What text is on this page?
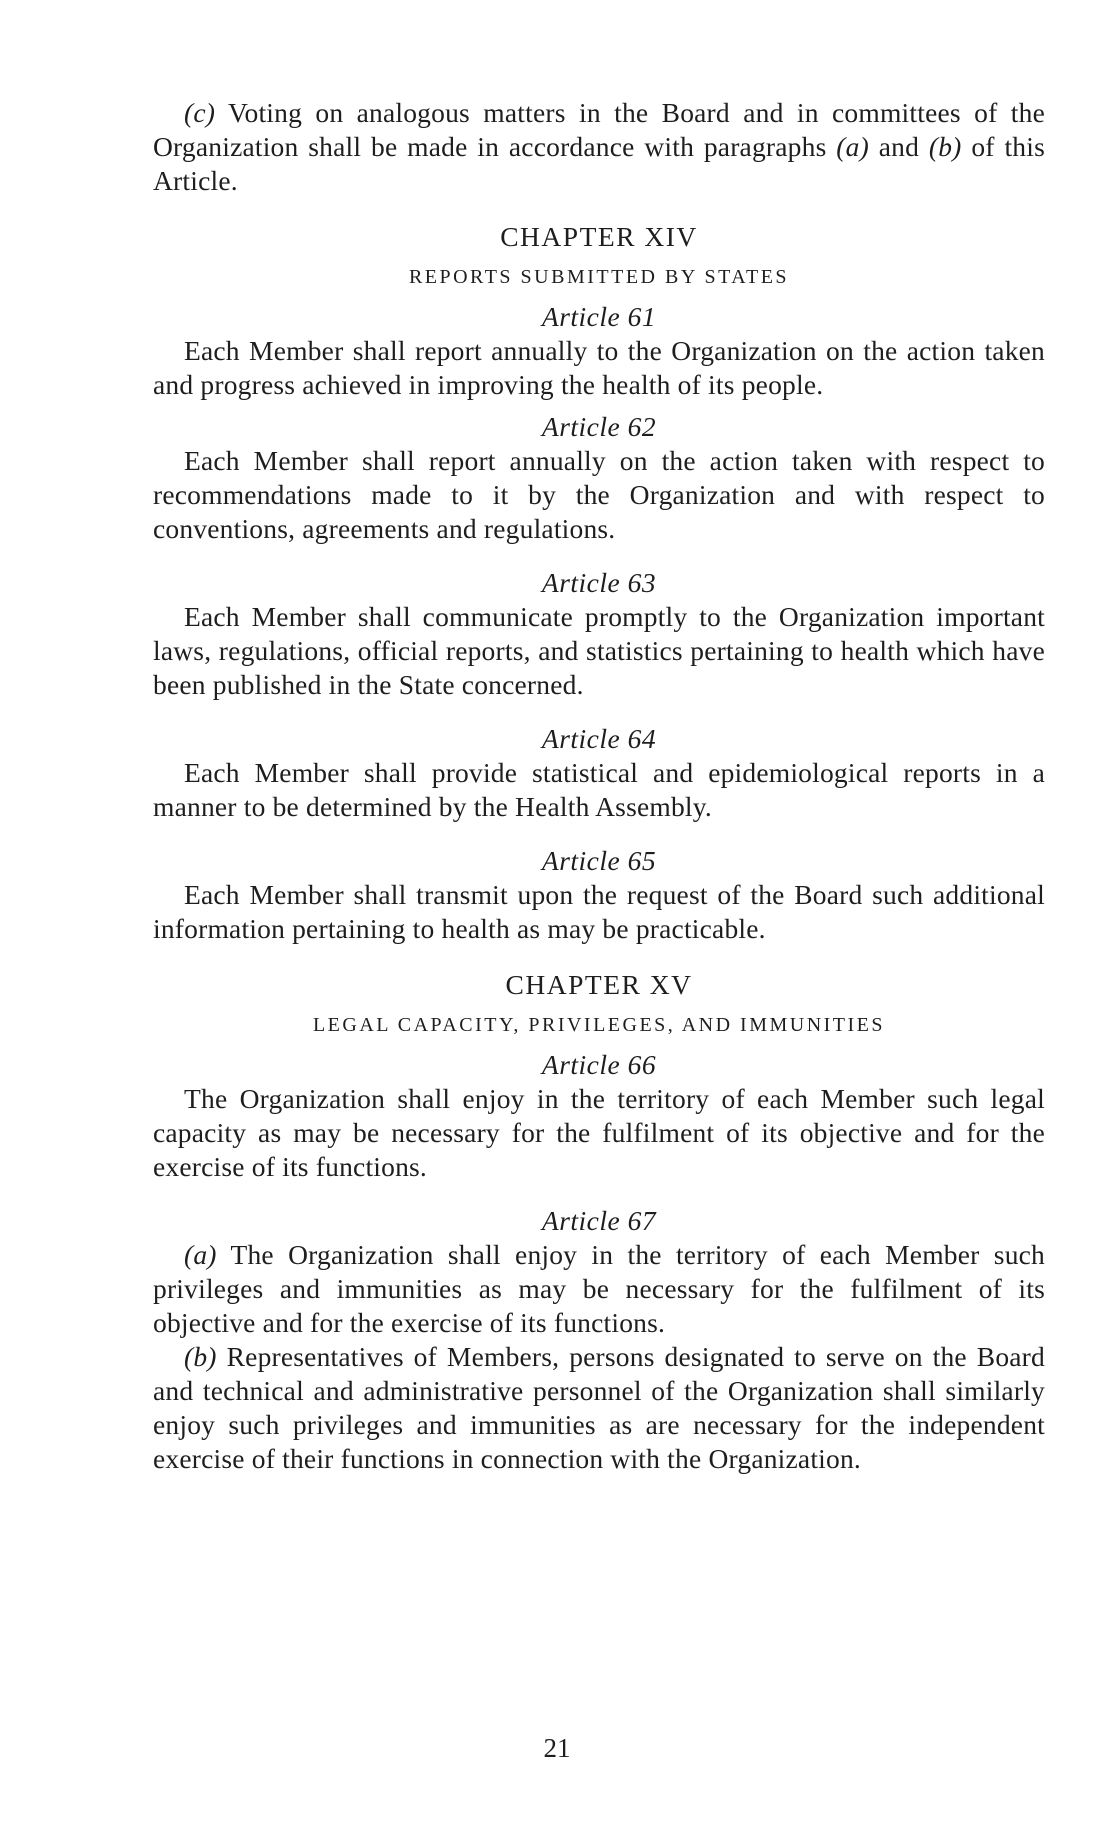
(c) Voting on analogous matters in the Board and in committees of the Organization shall be made in accordance with paragraphs (a) and (b) of this Article.

CHAPTER XIV
REPORTS SUBMITTED BY STATES
Article 61

Each Member shall report annually to the Organization on the action taken and progress achieved in improving the health of its people.

Article 62

Each Member shall report annually on the action taken with respect to recommendations made to it by the Organization and with respect to conventions, agreements and regulations.

Article 63

Each Member shall communicate promptly to the Organization important laws, regulations, official reports, and statistics pertaining to health which have been published in the State concerned.

Article 64

Each Member shall provide statistical and epidemiological reports in a manner to be determined by the Health Assembly.

Article 65

Each Member shall transmit upon the request of the Board such additional information pertaining to health as may be practicable.

CHAPTER XV
LEGAL CAPACITY, PRIVILEGES, AND IMMUNITIES
Article 66

The Organization shall enjoy in the territory of each Member such legal capacity as may be necessary for the fulfilment of its objective and for the exercise of its functions.

Article 67

(a) The Organization shall enjoy in the territory of each Member such privileges and immunities as may be necessary for the fulfilment of its objective and for the exercise of its functions.

(b) Representatives of Members, persons designated to serve on the Board and technical and administrative personnel of the Organization shall similarly enjoy such privileges and immunities as are necessary for the independent exercise of their functions in connection with the Organization.

21
